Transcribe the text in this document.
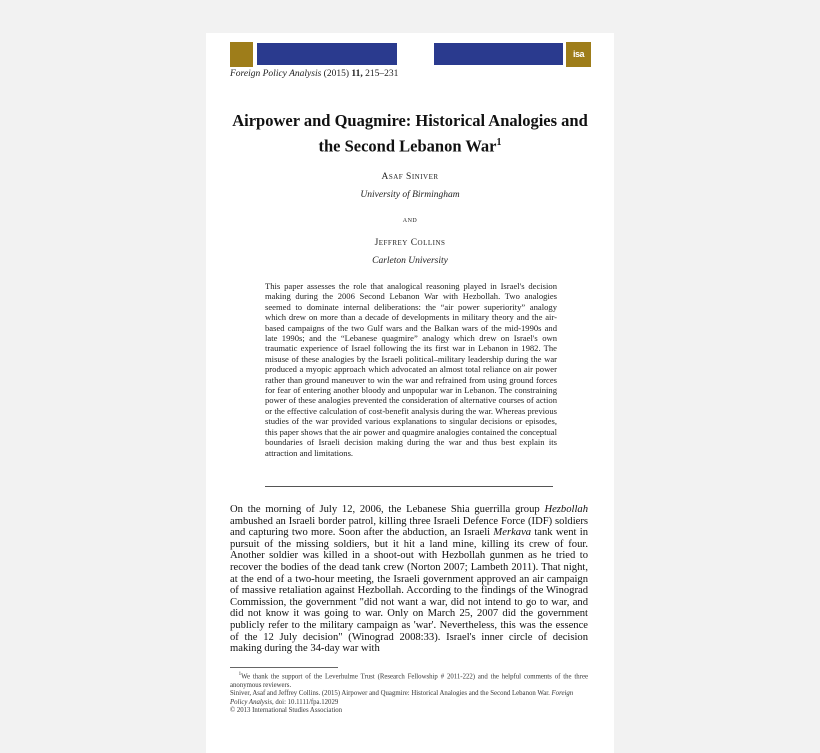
isa
Foreign Policy Analysis (2015) 11, 215–231
Airpower and Quagmire: Historical Analogies and the Second Lebanon War$^1$
Asaf Siniver
University of Birmingham
and
Jeffrey Collins
Carleton University
This paper assesses the role that analogical reasoning played in Israel's decision making during the 2006 Second Lebanon War with Hezbollah. Two analogies seemed to dominate internal deliberations: the “air power superiority” analogy which drew on more than a decade of developments in military theory and the air-based campaigns of the two Gulf wars and the Balkan wars of the mid-1990s and late 1990s; and the “Lebanese quagmire” analogy which drew on Israel's own traumatic experience of Israel following the its first war in Lebanon in 1982. The misuse of these analogies by the Israeli political–military leadership during the war produced a myopic approach which advocated an almost total reliance on air power rather than ground maneuver to win the war and refrained from using ground forces for fear of entering another bloody and unpopular war in Lebanon. The constraining power of these analogies prevented the consideration of alternative courses of action or the effective calculation of cost-benefit analysis during the war. Whereas previous studies of the war provided various explanations to singular decisions or episodes, this paper shows that the air power and quagmire analogies contained the conceptual boundaries of Israeli decision making during the war and thus best explain its attraction and limitations.
On the morning of July 12, 2006, the Lebanese Shia guerrilla group Hezbollah ambushed an Israeli border patrol, killing three Israeli Defence Force (IDF) soldiers and capturing two more. Soon after the abduction, an Israeli Merkava tank went in pursuit of the missing soldiers, but it hit a land mine, killing its crew of four. Another soldier was killed in a shoot-out with Hezbollah gunmen as he tried to recover the bodies of the dead tank crew (Norton 2007; Lambeth 2011). That night, at the end of a two-hour meeting, the Israeli government approved an air campaign of massive retaliation against Hezbollah. According to the findings of the Winograd Commission, the government "did not want a war, did not intend to go to war, and did not know it was going to war. Only on March 25, 2007 did the government publicly refer to the military campaign as 'war'. Nevertheless, this was the essence of the 12 July decision" (Winograd 2008:33). Israel's inner circle of decision making during the 34-day war with
$^1$We thank the support of the Leverhulme Trust (Research Fellowship # 2011-222) and the helpful comments of the three anonymous reviewers.
Siniver, Asaf and Jeffrey Collins. (2015) Airpower and Quagmire: Historical Analogies and the Second Lebanon War. Foreign Policy Analysis, doi: 10.1111/fpa.12029
© 2013 International Studies Association
